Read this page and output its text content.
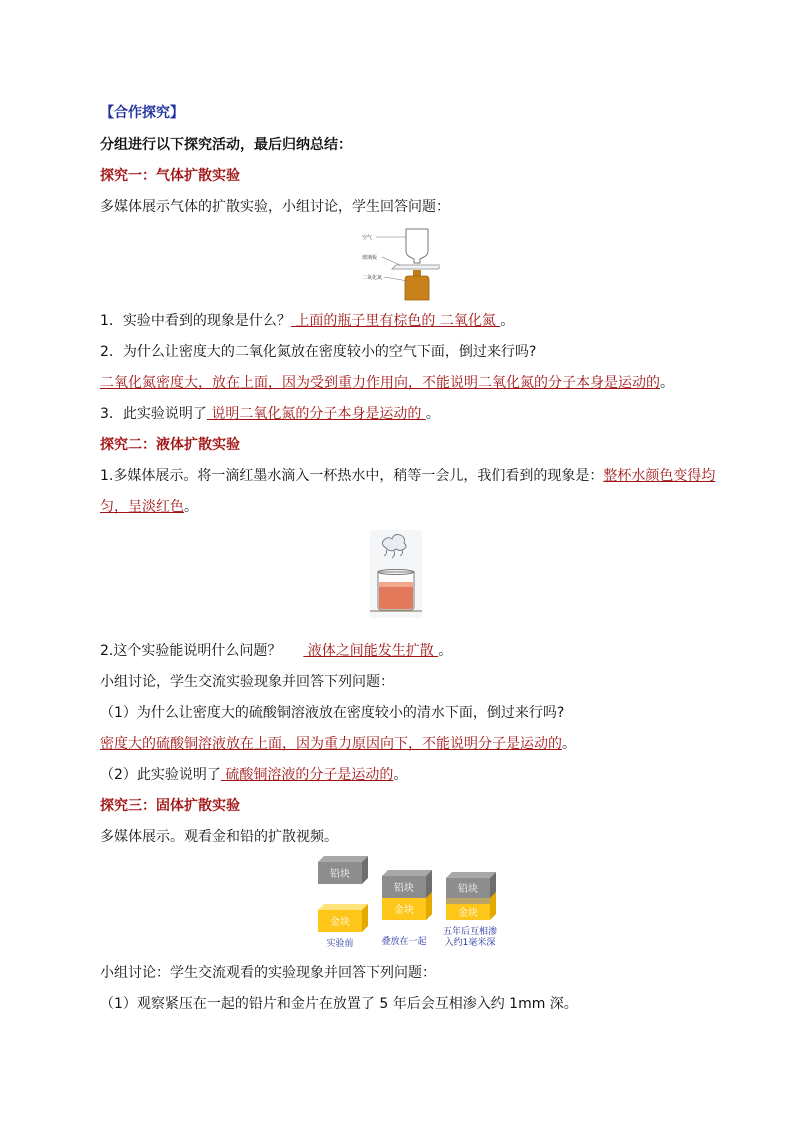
【合作探究】
分组进行以下探究活动，最后归纳总结：
探究一：气体扩散实验
多媒体展示气体的扩散实验，小组讨论，学生回答问题：
空气
玻璃板
二氧化氮
1．实验中看到的现象是什么？ 上面的瓶子里有棕色的 二氧化氮 。
2．为什么让密度大的二氧化氮放在密度较小的空气下面，倒过来行吗?
二氧化氮密度大，放在上面，因为受到重力作用向，不能说明二氧化氮的分子本身是运动的。
3．此实验说明了 说明二氧化氮的分子本身是运动的 。
探究二：液体扩散实验
1.多媒体展示。将一滴红墨水滴入一杯热水中，稍等一会儿，我们看到的现象是：整杯水颜色变得均
匀，呈淡红色。
2.这个实验能说明什么问题？ 液体之间能发生扩散 。
小组讨论，学生交流实验现象并回答下列问题：
（1）为什么让密度大的硫酸铜溶液放在密度较小的清水下面，倒过来行吗?
密度大的硫酸铜溶液放在上面，因为重力原因向下，不能说明分子是运动的。
（2）此实验说明了 硫酸铜溶液的分子是运动的。
探究三：固体扩散实验
多媒体展示。观看金和铅的扩散视频。
铅块
金块
实验前
铅块
金块
叠放在一起
铅块
金块
五年后互相渗
入约1毫米深
小组讨论：学生交流观看的实验现象并回答下列问题：
（1）观察紧压在一起的铅片和金片在放置了 5 年后会互相渗入约 1mm 深。
